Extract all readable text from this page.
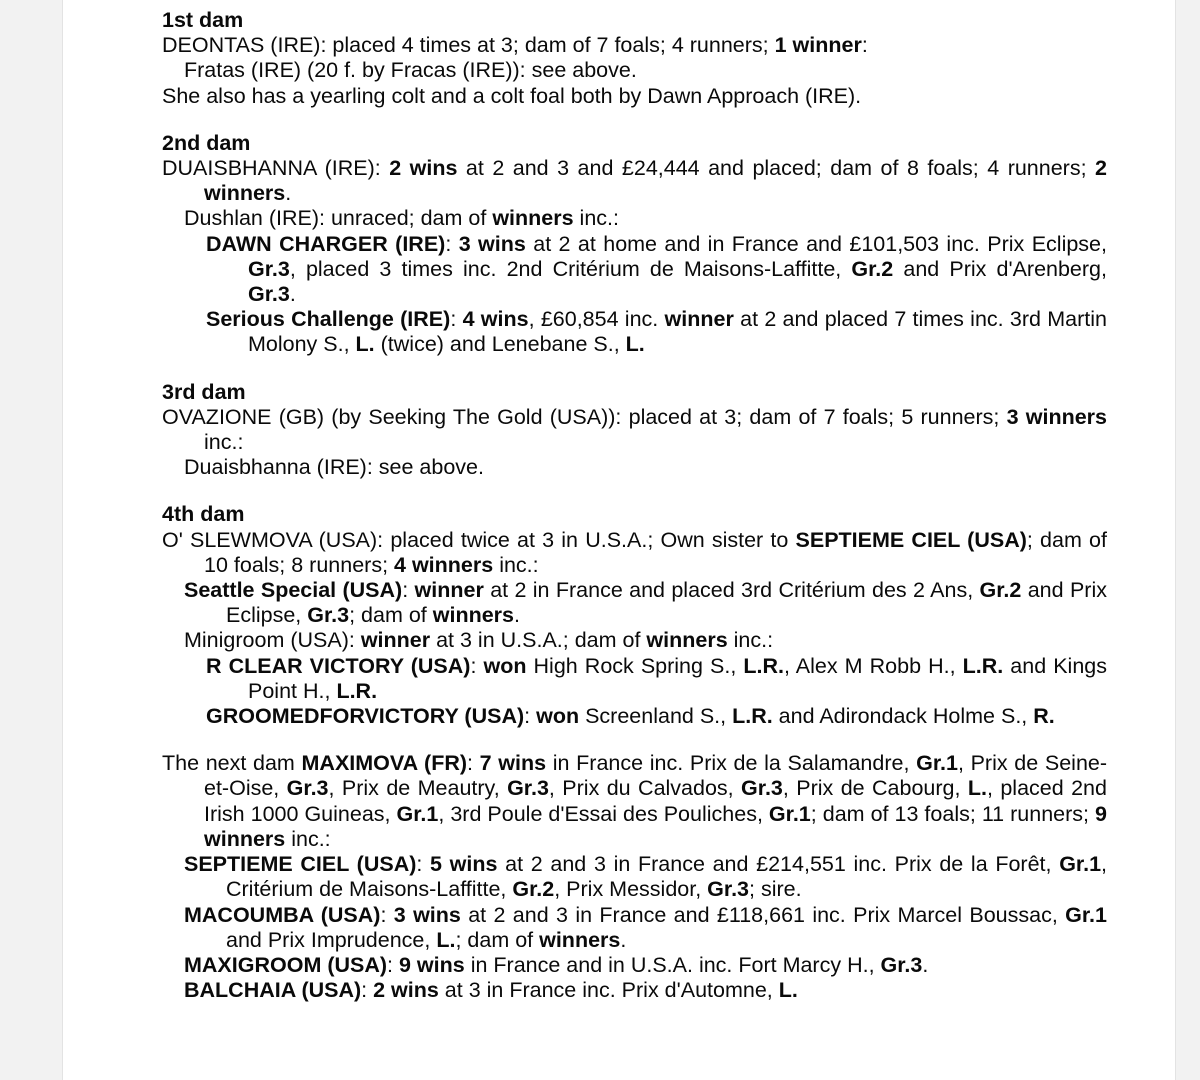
1st dam

DEONTAS (IRE): placed 4 times at 3; dam of 7 foals; 4 runners; 1 winner:

Fratas (IRE) (20 f. by Fracas (IRE)): see above.

She also has a yearling colt and a colt foal both by Dawn Approach (IRE).

2nd dam

DUAISBHANNA (IRE): 2 wins at 2 and 3 and £24,444 and placed; dam of 8 foals; 4 runners; 2 winners.

Dushlan (IRE): unraced; dam of winners inc.:

DAWN CHARGER (IRE): 3 wins at 2 at home and in France and £101,503 inc. Prix Eclipse, Gr.3, placed 3 times inc. 2nd Critérium de Maisons-Laffitte, Gr.2 and Prix d'Arenberg, Gr.3.

Serious Challenge (IRE): 4 wins, £60,854 inc. winner at 2 and placed 7 times inc. 3rd Martin Molony S., L. (twice) and Lenebane S., L.

3rd dam

OVAZIONE (GB) (by Seeking The Gold (USA)): placed at 3; dam of 7 foals; 5 runners; 3 winners inc.:

Duaisbhanna (IRE): see above.

4th dam

O' SLEWMOVA (USA): placed twice at 3 in U.S.A.; Own sister to SEPTIEME CIEL (USA); dam of 10 foals; 8 runners; 4 winners inc.:

Seattle Special (USA): winner at 2 in France and placed 3rd Critérium des 2 Ans, Gr.2 and Prix Eclipse, Gr.3; dam of winners.

Minigroom (USA): winner at 3 in U.S.A.; dam of winners inc.:

R CLEAR VICTORY (USA): won High Rock Spring S., L.R., Alex M Robb H., L.R. and Kings Point H., L.R.

GROOMEDFORVICTORY (USA): won Screenland S., L.R. and Adirondack Holme S., R.

The next dam MAXIMOVA (FR): 7 wins in France inc. Prix de la Salamandre, Gr.1, Prix de Seine-et-Oise, Gr.3, Prix de Meautry, Gr.3, Prix du Calvados, Gr.3, Prix de Cabourg, L., placed 2nd Irish 1000 Guineas, Gr.1, 3rd Poule d'Essai des Pouliches, Gr.1; dam of 13 foals; 11 runners; 9 winners inc.:

SEPTIEME CIEL (USA): 5 wins at 2 and 3 in France and £214,551 inc. Prix de la Forêt, Gr.1, Critérium de Maisons-Laffitte, Gr.2, Prix Messidor, Gr.3; sire.

MACOUMBA (USA): 3 wins at 2 and 3 in France and £118,661 inc. Prix Marcel Boussac, Gr.1 and Prix Imprudence, L.; dam of winners.

MAXIGROOM (USA): 9 wins in France and in U.S.A. inc. Fort Marcy H., Gr.3.

BALCHAIA (USA): 2 wins at 3 in France inc. Prix d'Automne, L.
